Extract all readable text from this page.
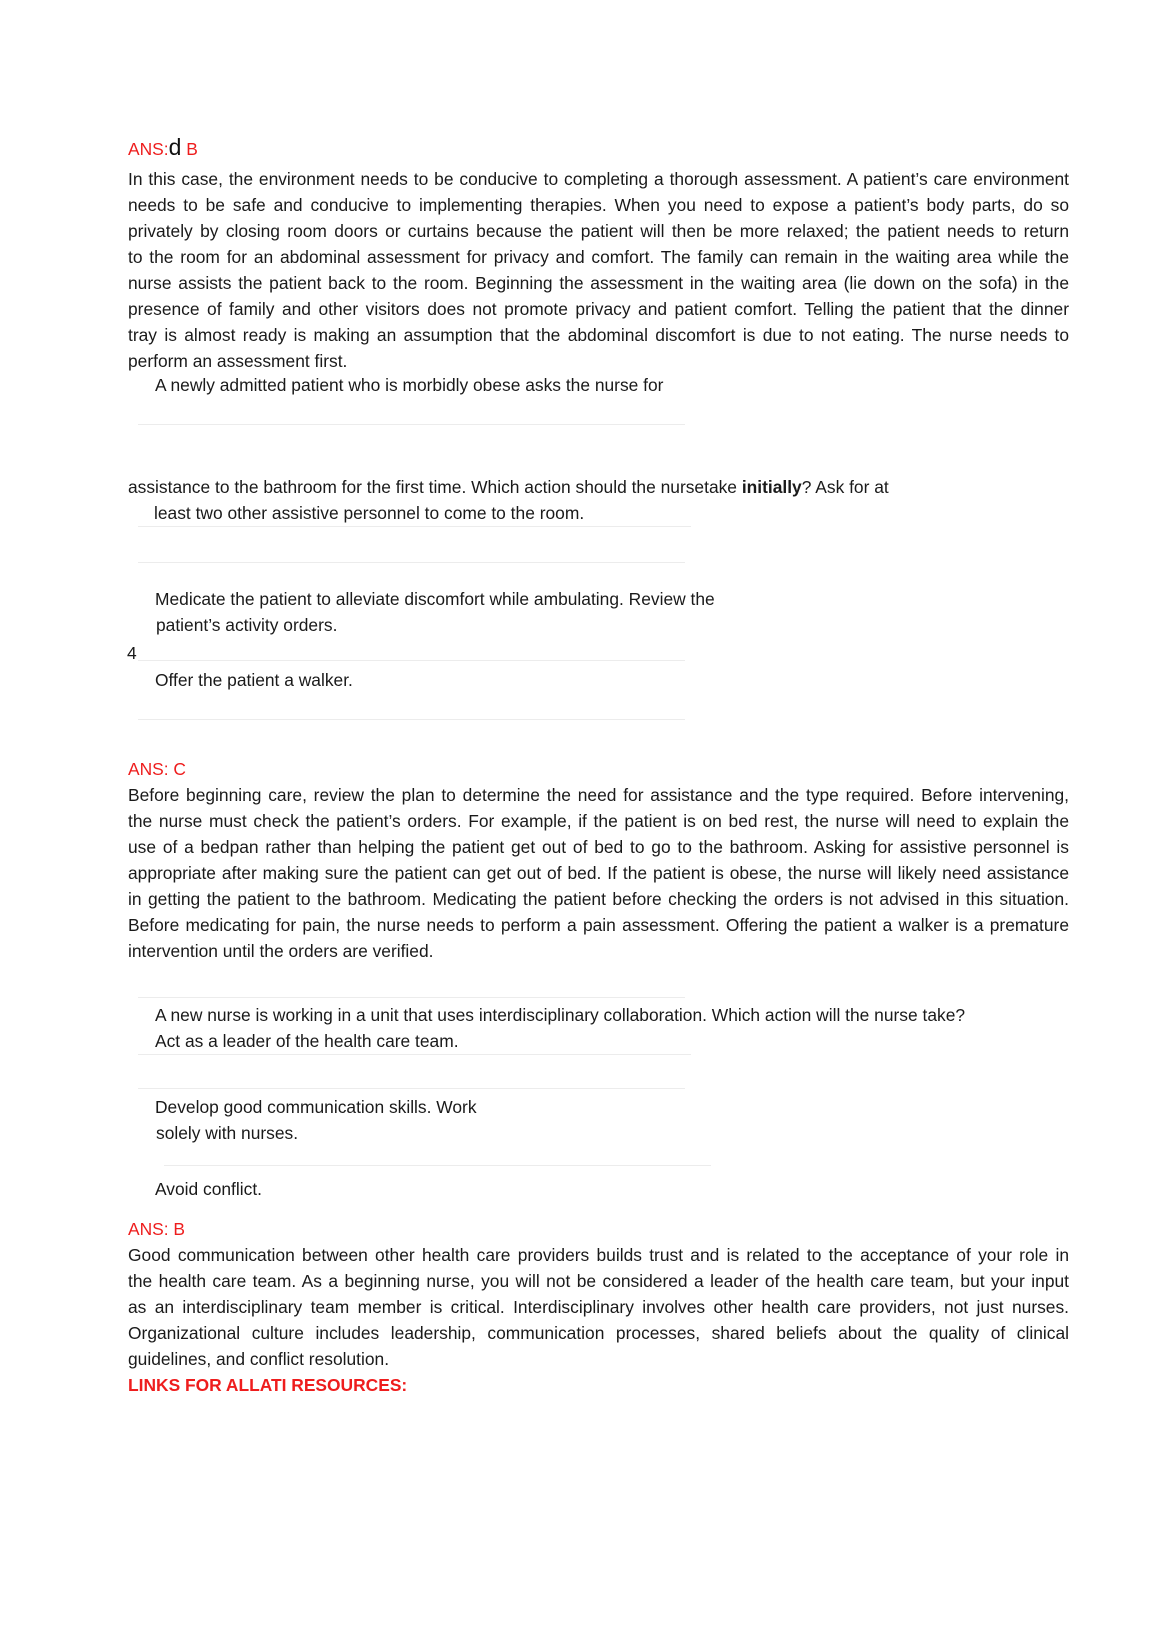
ANS:d B
In this case, the environment needs to be conducive to completing a thorough assessment. A patient’s care environment
needs to be safe and conducive to implementing therapies. When you need to expose a patient’s body parts, do so
privately by closing room doors or curtains because the patient will then be more relaxed; the patient needs to return
to the room for an abdominal assessment for privacy and comfort. The family can remain in the waiting area while the
nurse assists the patient back to the room. Beginning the assessment in the waiting area (lie down on the sofa) in the
presence of family and other visitors does not promote privacy and patient comfort. Telling the patient that the dinner
tray is almost ready is making an assumption that the abdominal discomfort is due to not eating. The nurse needs to
perform an assessment first.
A newly admitted patient who is morbidly obese asks the nurse for
assistance to the bathroom for the first time. Which action should the nursetake initially? Ask for at
least two other assistive personnel to come to the room.
Medicate the patient to alleviate discomfort while ambulating. Review the
patient’s activity orders.
4
Offer the patient a walker.
ANS: C
Before beginning care, review the plan to determine the need for assistance and the type required. Before intervening,
the nurse must check the patient’s orders. For example, if the patient is on bed rest, the nurse will need to explain the
use of a bedpan rather than helping the patient get out of bed to go to the bathroom. Asking for assistive personnel is
appropriate after making sure the patient can get out of bed. If the patient is obese, the nurse will likely need assistance
in getting the patient to the bathroom. Medicating the patient before checking the orders is not advised in this situation.
Before medicating for pain, the nurse needs to perform a pain assessment. Offering the patient a walker is a premature
intervention until the orders are verified.
A new nurse is working in a unit that uses interdisciplinary collaboration. Which action will the nurse take?
Act as a leader of the health care team.
Develop good communication skills. Work
solely with nurses.
Avoid conflict.
ANS: B
Good communication between other health care providers builds trust and is related to the acceptance of your role in
the health care team. As a beginning nurse, you will not be considered a leader of the health care team, but your input
as an interdisciplinary team member is critical. Interdisciplinary involves other health care providers, not just nurses.
Organizational culture includes leadership, communication processes, shared beliefs about the quality of clinical
guidelines, and conflict resolution.
LINKS FOR ALLATI RESOURCES:
